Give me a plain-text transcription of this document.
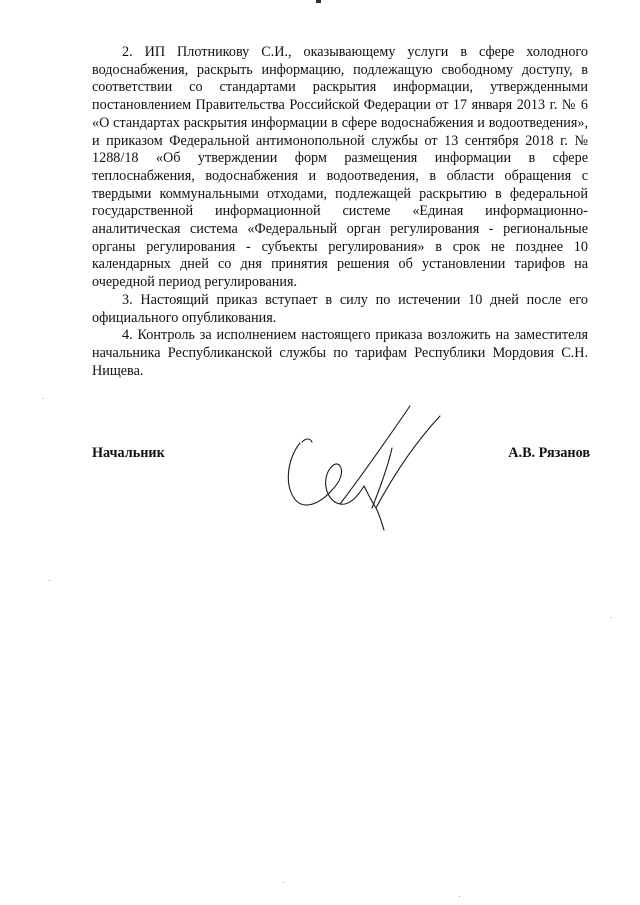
2. ИП Плотникову С.И., оказывающему услуги в сфере холодного водоснабжения, раскрыть информацию, подлежащую свободному доступу, в соответствии со стандартами раскрытия информации, утвержденными постановлением Правительства Российской Федерации от 17 января 2013 г. № 6 «О стандартах раскрытия информации в сфере водоснабжения и водоотведения», и приказом Федеральной антимонопольной службы от 13 сентября 2018 г. № 1288/18 «Об утверждении форм размещения информации в сфере теплоснабжения, водоснабжения и водоотведения, в области обращения с твердыми коммунальными отходами, подлежащей раскрытию в федеральной государственной информационной системе «Единая информационно-аналитическая система «Федеральный орган регулирования - региональные органы регулирования - субъекты регулирования» в срок не позднее 10 календарных дней со дня принятия решения об установлении тарифов на очередной период регулирования.

3. Настоящий приказ вступает в силу по истечении 10 дней после его официального опубликования.

4. Контроль за исполнением настоящего приказа возложить на заместителя начальника Республиканской службы по тарифам Республики Мордовия С.Н. Нищева.

Начальник	А.В. Рязанов
